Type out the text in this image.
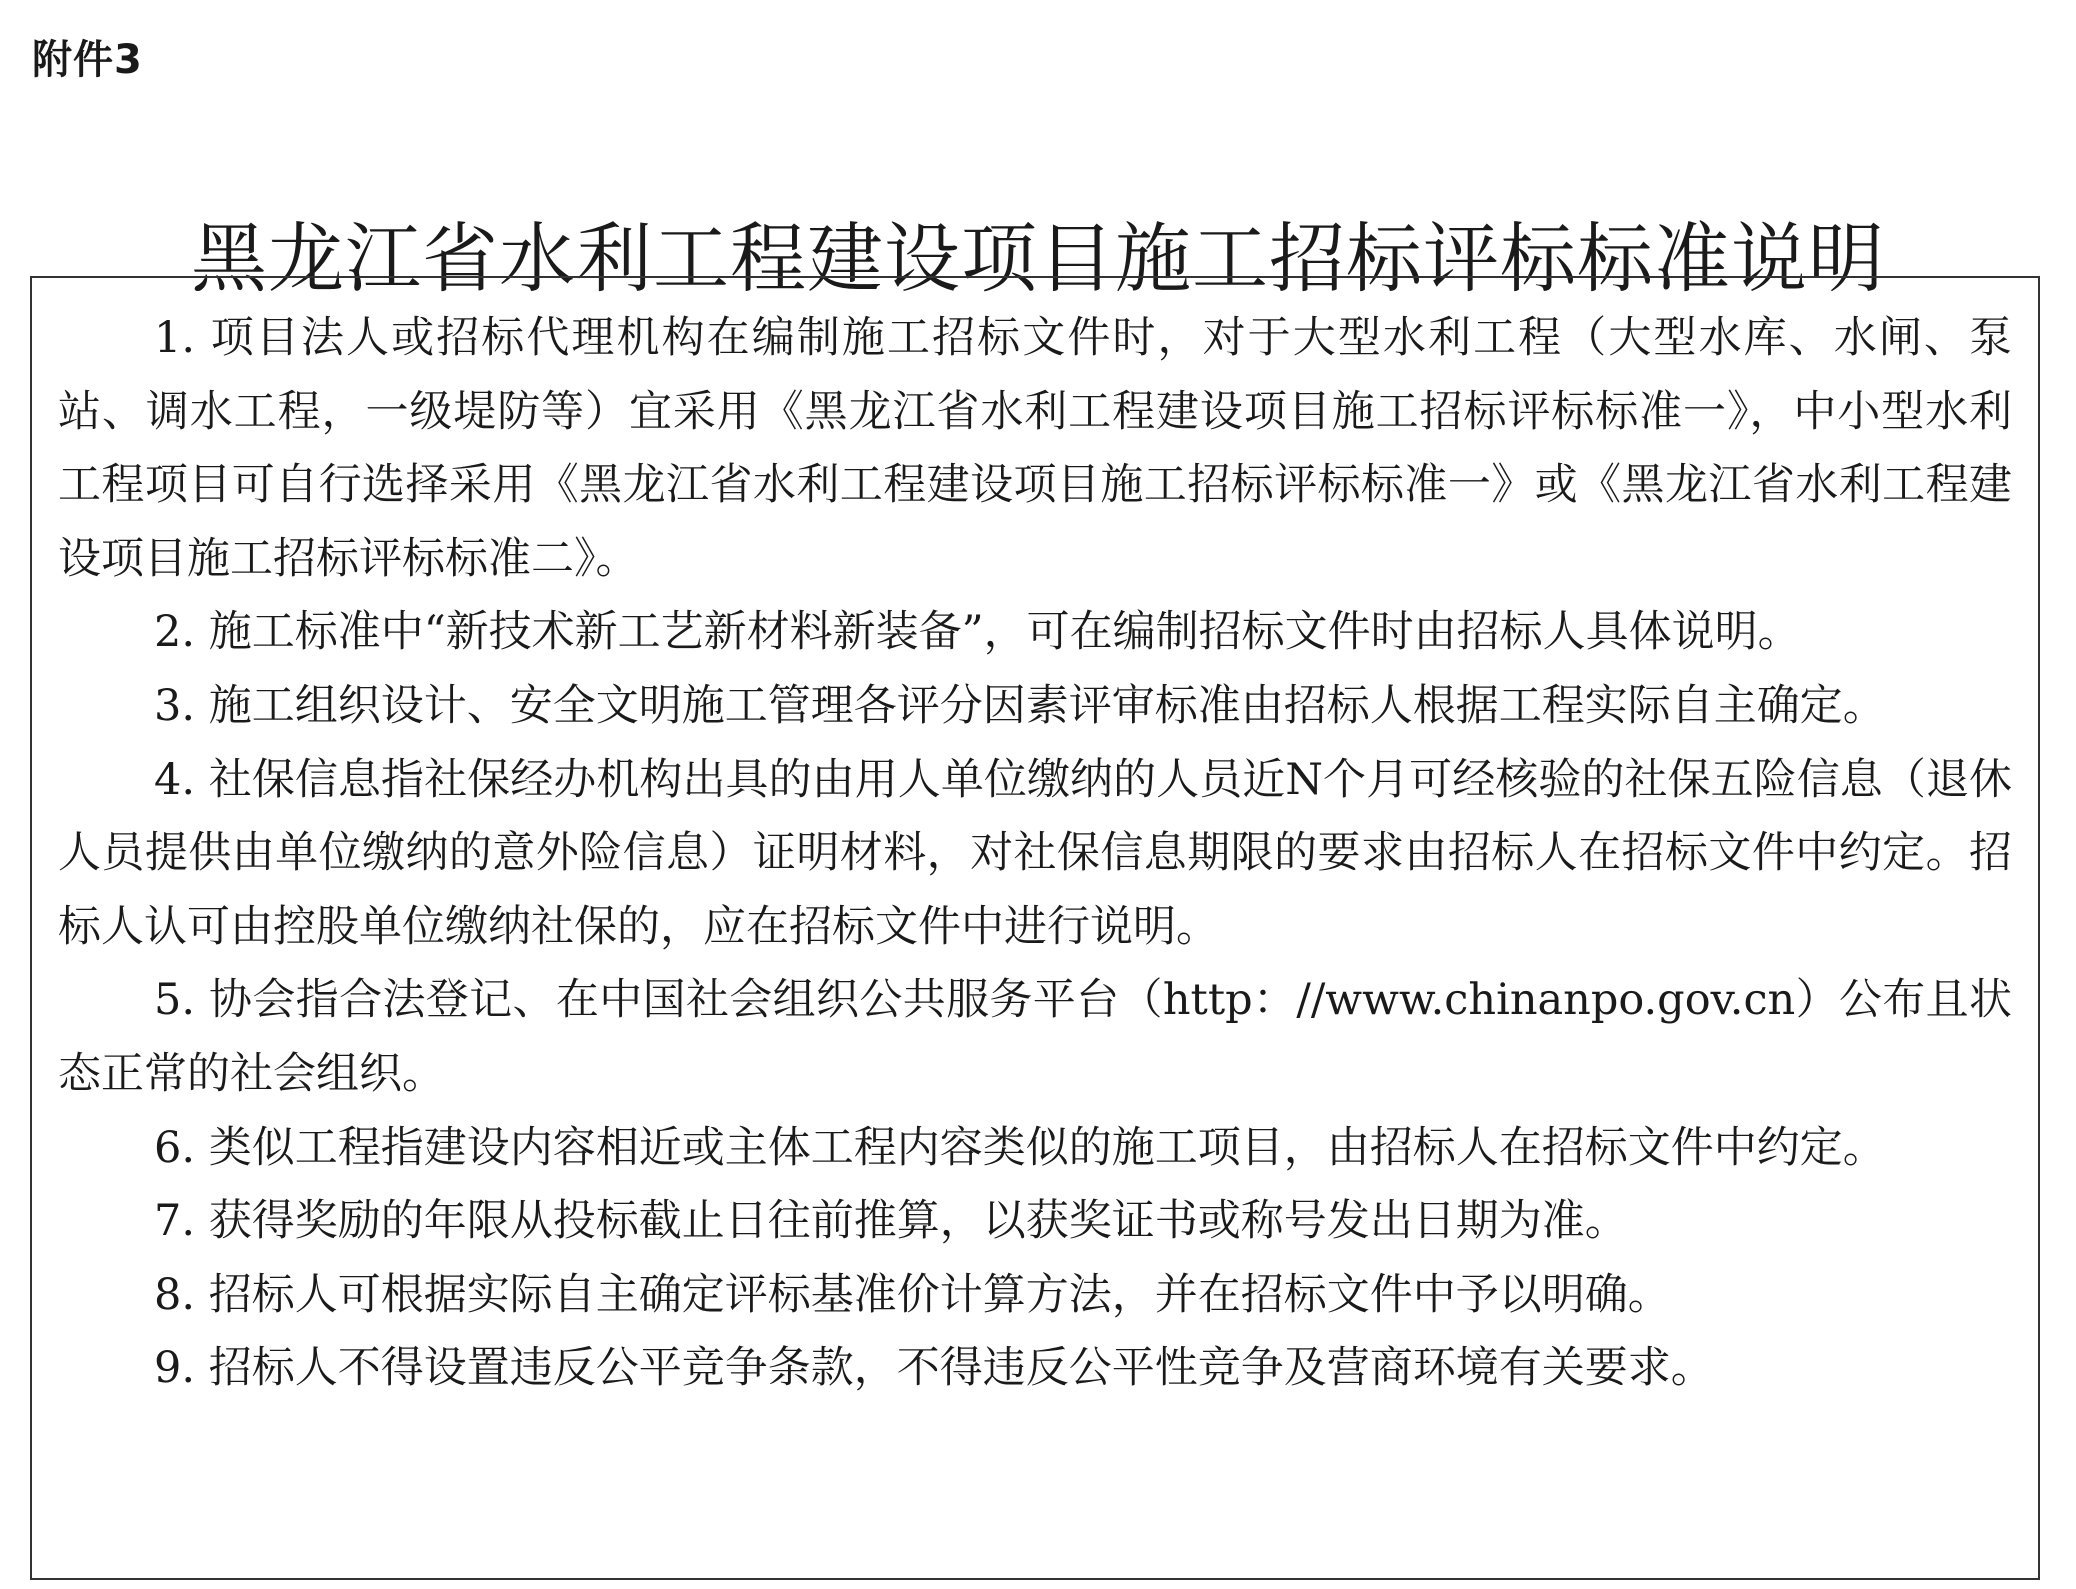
附件3
黑龙江省水利工程建设项目施工招标评标标准说明

1. 项目法人或招标代理机构在编制施工招标文件时，对于大型水利工程（大型水库、水闸、泵站、调水工程，一级堤防等）宜采用《黑龙江省水利工程建设项目施工招标评标标准一》，中小型水利工程项目可自行选择采用《黑龙江省水利工程建设项目施工招标评标标准一》或《黑龙江省水利工程建设项目施工招标评标标准二》。

2. 施工标准中“新技术新工艺新材料新装备”，可在编制招标文件时由招标人具体说明。

3. 施工组织设计、安全文明施工管理各评分因素评审标准由招标人根据工程实际自主确定。

4. 社保信息指社保经办机构出具的由用人单位缴纳的人员近N个月可经核验的社保五险信息（退休人员提供由单位缴纳的意外险信息）证明材料，对社保信息期限的要求由招标人在招标文件中约定。招标人认可由控股单位缴纳社保的，应在招标文件中进行说明。

5. 协会指合法登记、在中国社会组织公共服务平台（http：//www.chinanpo.gov.cn）公布且状态正常的社会组织。

6. 类似工程指建设内容相近或主体工程内容类似的施工项目，由招标人在招标文件中约定。

7. 获得奖励的年限从投标截止日往前推算，以获奖证书或称号发出日期为准。

8. 招标人可根据实际自主确定评标基准价计算方法，并在招标文件中予以明确。

9. 招标人不得设置违反公平竞争条款，不得违反公平性竞争及营商环境有关要求。
